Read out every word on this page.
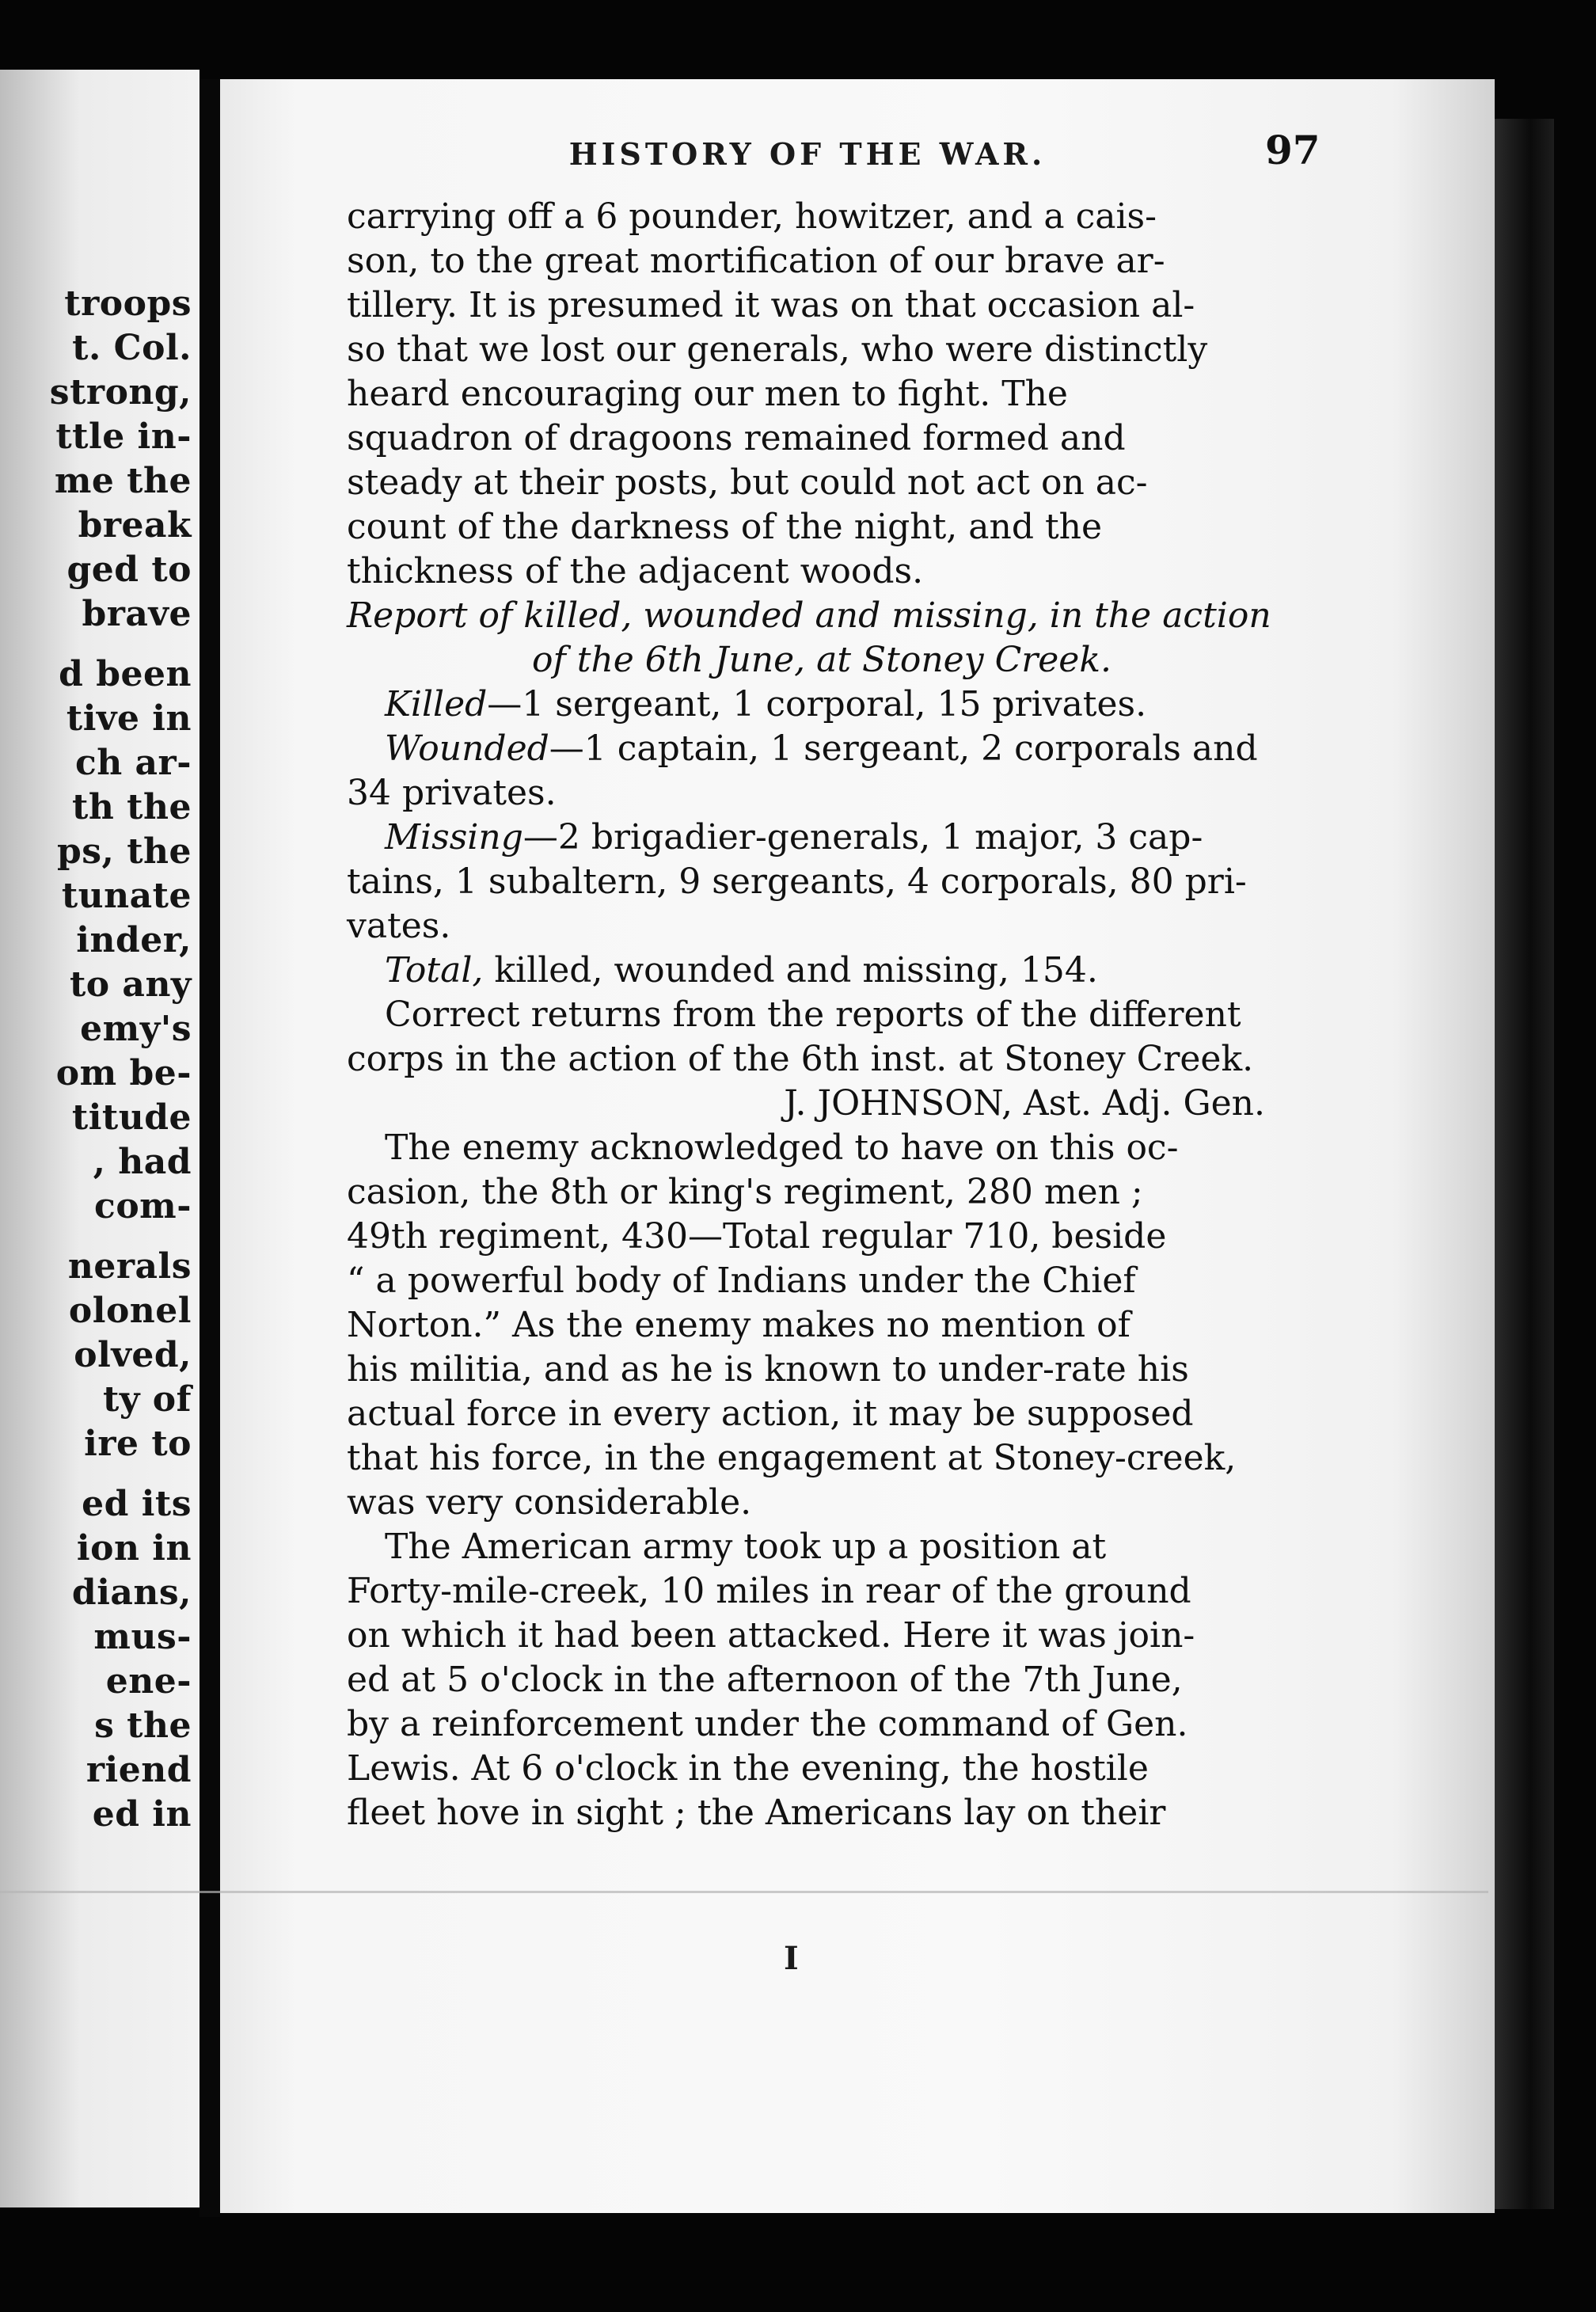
troops
t. Col.
strong,
ttle in-
me the
break
ged to
brave
d been
tive in
ch ar-
th the
ps, the
tunate
inder,
to any
emy's
om be-
titude
, had
com-
nerals
olonel
olved,
ty of
ire to
ed its
ion in
dians,
mus-
ene-
s the
riend
ed in
HISTORY OF THE WAR.	97
carrying off a 6 pounder, howitzer, and a cais-
son, to the great mortification of our brave ar-
tillery. It is presumed it was on that occasion al-
so that we lost our generals, who were distinctly
heard encouraging our men to fight. The
squadron of dragoons remained formed and
steady at their posts, but could not act on ac-
count of the darkness of the night, and the
thickness of the adjacent woods.
Report of killed, wounded and missing, in the action
of the 6th June, at Stoney Creek.
Killed—1 sergeant, 1 corporal, 15 privates.
Wounded—1 captain, 1 sergeant, 2 corporals and
34 privates.
Missing—2 brigadier-generals, 1 major, 3 cap-
tains, 1 subaltern, 9 sergeants, 4 corporals, 80 pri-
vates.
Total, killed, wounded and missing, 154.
Correct returns from the reports of the different
corps in the action of the 6th inst. at Stoney Creek.
J. JOHNSON, Ast. Adj. Gen.
The enemy acknowledged to have on this oc-
casion, the 8th or king's regiment, 280 men ;
49th regiment, 430—Total regular 710, beside
“ a powerful body of Indians under the Chief
Norton.” As the enemy makes no mention of
his militia, and as he is known to under-rate his
actual force in every action, it may be supposed
that his force, in the engagement at Stoney-creek,
was very considerable.
The American army took up a position at
Forty-mile-creek, 10 miles in rear of the ground
on which it had been attacked. Here it was join-
ed at 5 o'clock in the afternoon of the 7th June,
by a reinforcement under the command of Gen.
Lewis. At 6 o'clock in the evening, the hostile
fleet hove in sight ; the Americans lay on their
I
